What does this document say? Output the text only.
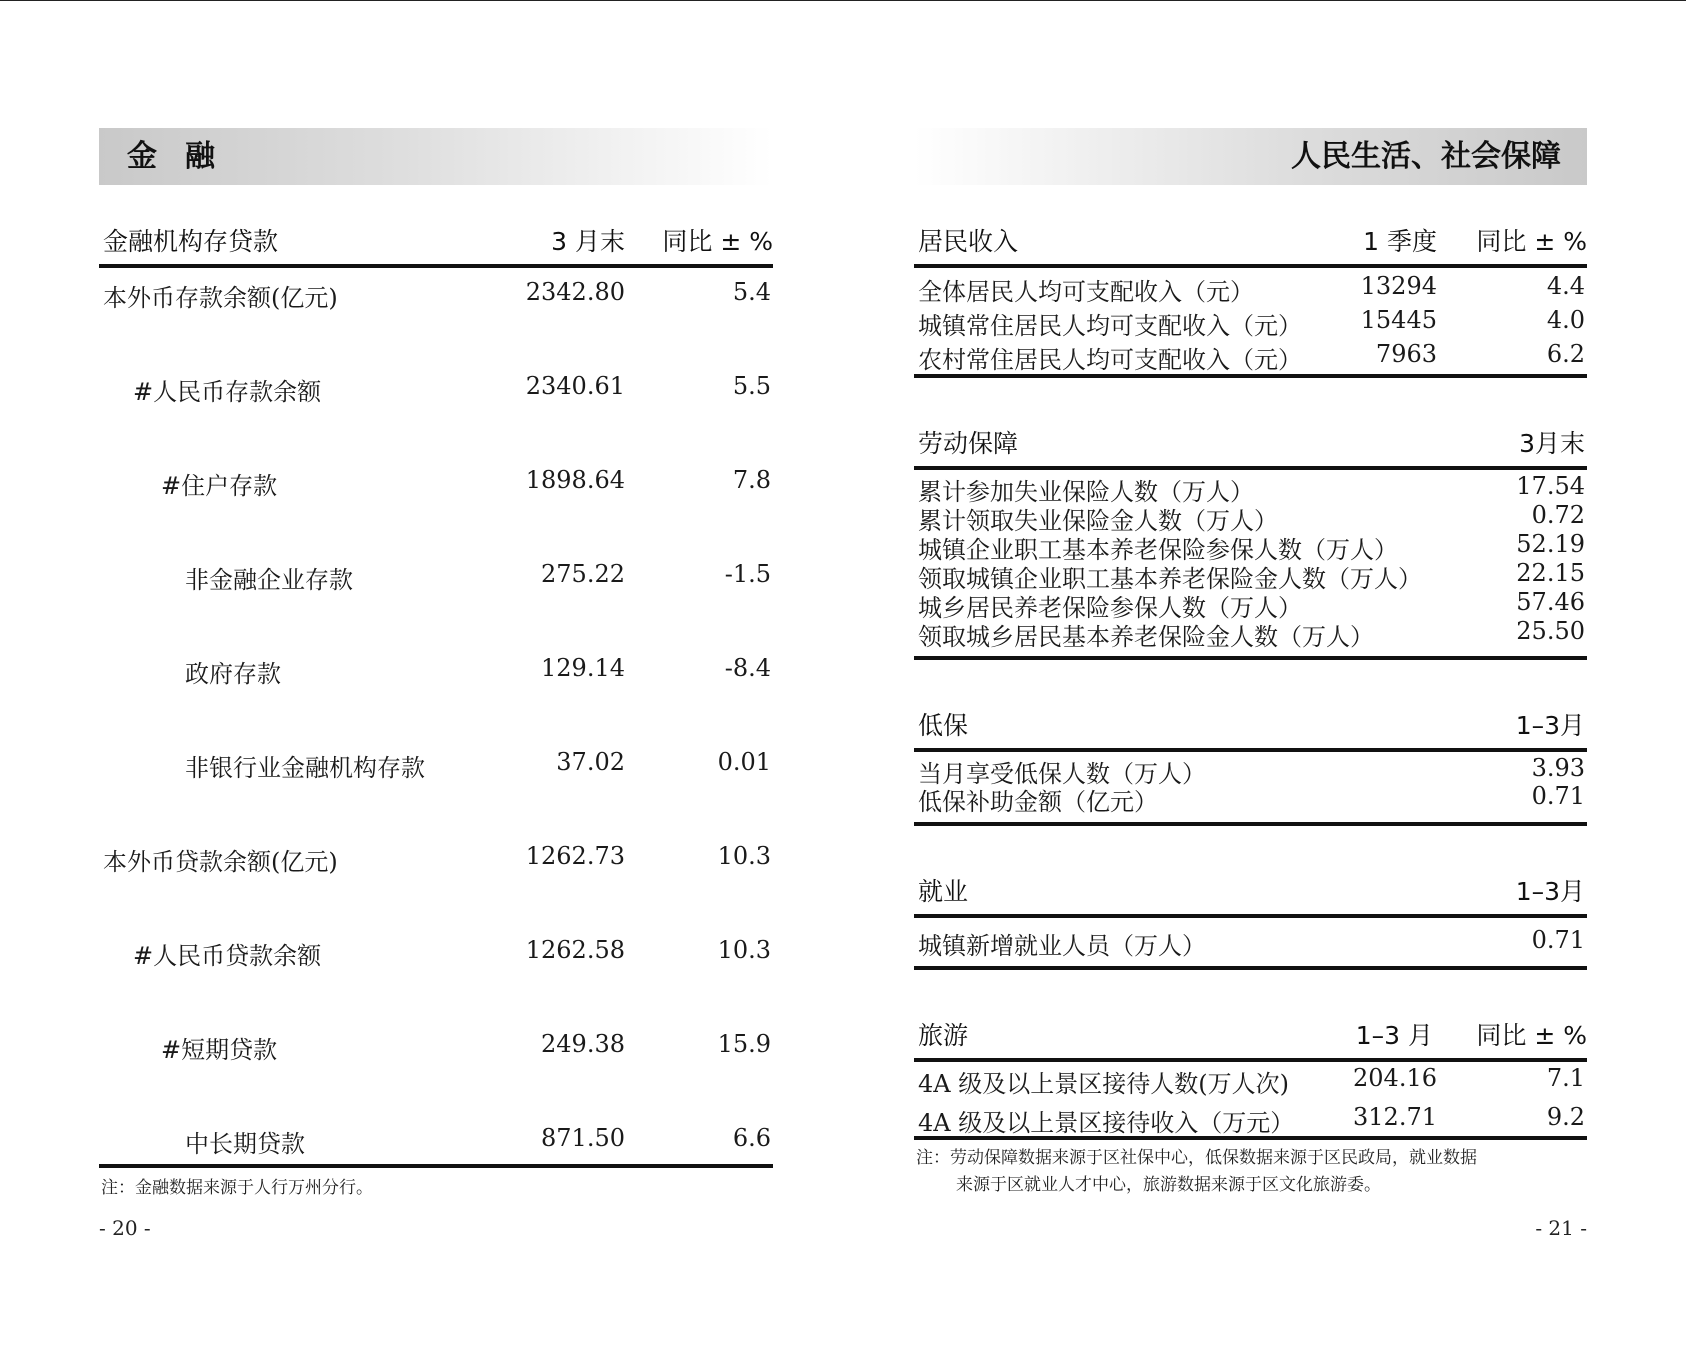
金融
金融机构存贷款	3 月末 同比 ± %
本外币存款余额(亿元)	2342.80	5.4
#人民币存款余额	2340.61	5.5
#住户存款	1898.64	7.8
非金融企业存款	275.22	-1.5
政府存款	129.14	-8.4
非银行业金融机构存款	37.02	0.01
本外币贷款余额(亿元)	1262.73	10.3
#人民币贷款余额	1262.58	10.3
#短期贷款	249.38	15.9
中长期贷款	871.50	6.6
注：金融数据来源于人行万州分行。
- 20 -
人民生活、社会保障
居民收入	1 季度 同比 ± %
全体居民人均可支配收入（元）	13294	4.4
城镇常住居民人均可支配收入（元） 15445	4.0
农村常住居民人均可支配收入（元）	7963	6.2
劳动保障	3月末
累计参加失业保险人数（万人）	17.54
累计领取失业保险金人数（万人）	0.72
城镇企业职工基本养老保险参保人数（万人）	52.19
领取城镇企业职工基本养老保险金人数（万人）	22.15
城乡居民养老保险参保人数（万人）	57.46
领取城乡居民基本养老保险金人数（万人）	25.50
低保	1–3月
当月享受低保人数（万人）	3.93
低保补助金额（亿元）	0.71
就业	1–3月
城镇新增就业人员（万人）	0.71
旅游	1–3 月 同比 ± %
4A 级及以上景区接待人数(万人次)	204.16	7.1
4A 级及以上景区接待收入（万元） 312.71	9.2
注：劳动保障数据来源于区社保中心，低保数据来源于区民政局，就业数据
来源于区就业人才中心，旅游数据来源于区文化旅游委。
- 21 -
